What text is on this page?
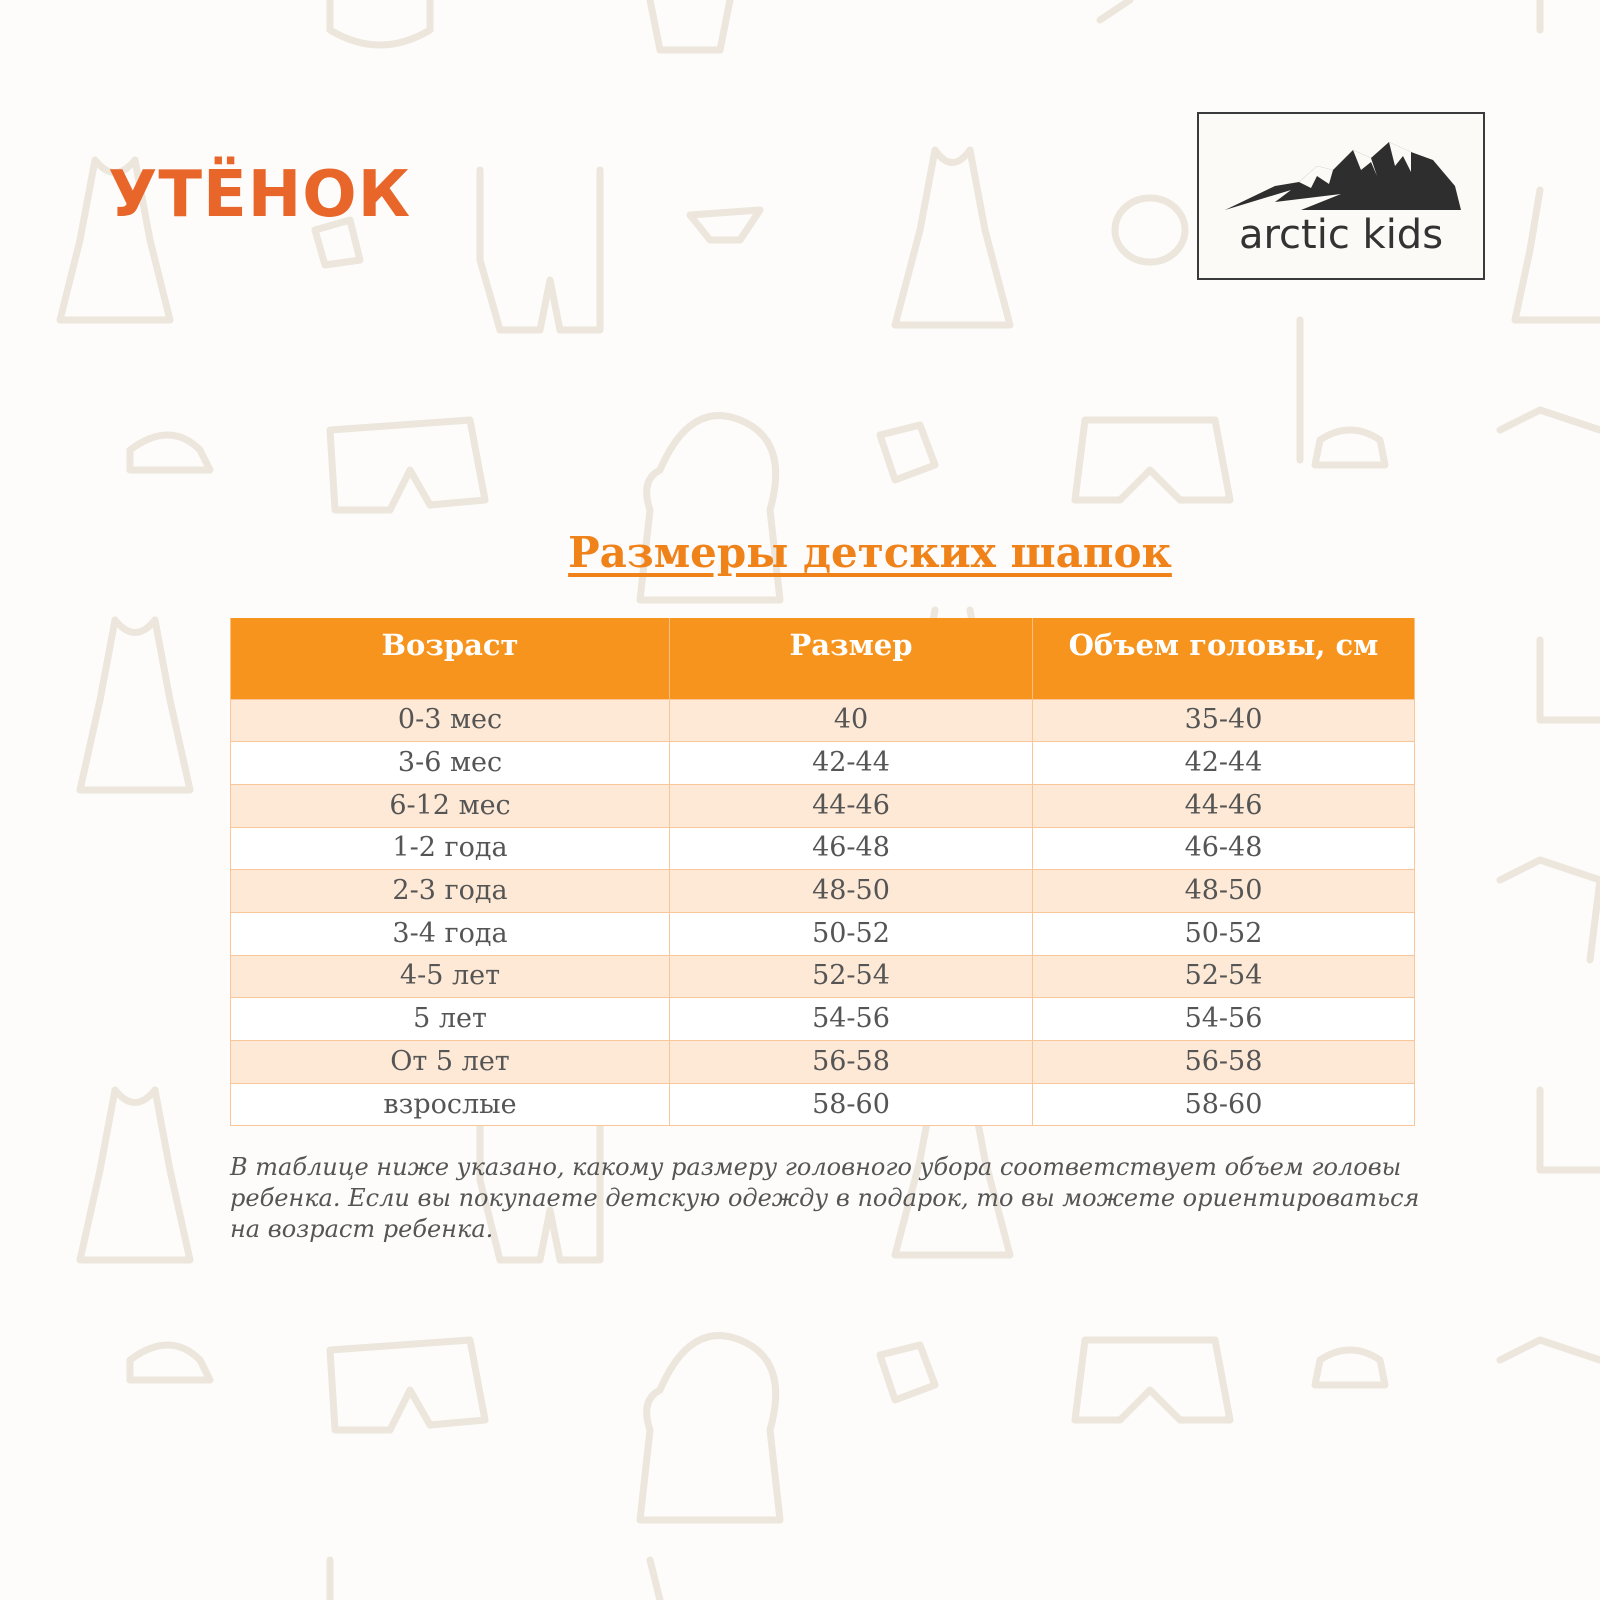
УТЁНОК
arctic kids
Размеры детских шапок
Возраст	Размер	Объем головы, см
0-3 мес	40	35-40
3-6 мес	42-44	42-44
6-12 мес	44-46	44-46
1-2 года	46-48	46-48
2-3 года	48-50	48-50
3-4 года	50-52	50-52
4-5 лет	52-54	52-54
5 лет	54-56	54-56
От 5 лет	56-58	56-58
взрослые	58-60	58-60
В таблице ниже указано, какому размеру головного убора соответствует объем головы ребенка. Если вы покупаете детскую одежду в подарок, то вы можете ориентироваться на возраст ребенка.
